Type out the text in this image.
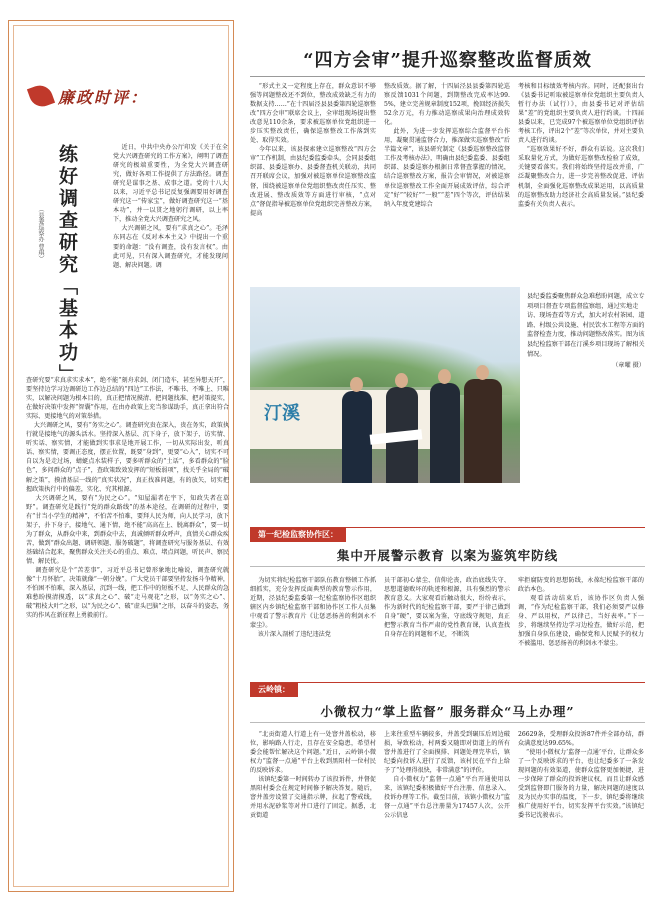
廉政时评：
练好调查研究「基本功」
（县委巡察办 曹琪）
近日，中共中央办公厅印发《关于在全党大兴调查研究的工作方案》，阐明了调查研究的极端重要性，为全党大兴调查研究，做好各项工作提供了方法路径。调查研究是谋事之基、成事之道。党的十八大以来，习近平总书记反复强调要用好调查研究这一“传家宝”，做好调查研究这一“基本功”，并一以贯之地躬行调研，以上率下，推动全党大兴调查研究之风。
大兴调研之风，要有“求真之心”。毛泽东同志在《反对本本主义》中提出一个重要的命题：“没有调查，没有发言权”。由此可见，只有深入调查研究，才能发现问题、解决问题。调
查研究要“求真求实求本”，绝不能“刻舟求剑、闭门造车，甚至异想天开”，要坚持边学习边调研边工作边总结的“四边”工作法，不唯书、不唯上、只唯实，以解决问题为根本目的，真正把情况摸清、把问题找准、把对策提实，在做好决策中发挥“智囊”作用，在由办政策上充当参谋助手，真正拿出符合实际、更接地气的对策举措。
大兴调研之风，要有“务实之心”。调查研究贵在深入，贵在务实，政策执行就是接地气的源头活水。坚持深入基层、沉下身子，放下架子，访实情、听实话、察实情，才能做到实事求是地开展工作，一切从实际出发，听真话、察实情，要调正态度，摆正位置，既要“身到”，更要“心入”，切实不可自以为是走过场，蜻蜓点水装样子，要多听群众的“土话”，多看群众的“脸色”，多问群众的“点子”，查政策致效发挥的“短板弱项”，找关乎全局的“破解之策”，摸清基层一线的“真实状况”，真正找准问题，有的放矢，切实把握政策执行中的偏差，实化、究其根源。
大兴调研之风，要有“为民之心”。“知屋漏者在宇下，知政失者在草野”。调查研究是践行“党的群众路线”的基本途径，在调研的过程中，要有“甘当小学生的精神”，不怕苦不怕难，要拜人民为师，向人民学习，放下架子，扑下身子，接地气、通下情，绝不能“高高在上、脱离群众”，要一切为了群众，从群众中来，到群众中去，真诚倾听群众呼声，真情关心群众疾苦，做到“群众出题、调研领题、服务破题”，将调查研究与服务基层、有效基础结合起来，聚焦群众关注关心的重点、难点、堵点问题，听民声、察民情、解民忧。
调查研究是个“苦差事”，习近平总书记曾形象地比喻说，调查研究就像“十月怀胎”，决策就像“一朝分娩”。广大党员干部要坚持发扬斗争精神，不怕困不怕难，深入基层，沉到一线，把工作中的短板不足、人民群众的急难愁盼摸清摸透，以“求真之心”、破“走马观花”之形，以“务实之心”、破“粗枝大叶”之形，以“为民之心”、破“虚头巴脑”之形，以奋斗的姿态，务实的作风在新征程上勇毅前行。
“四方会审”提升巡察整改监督质效
“形式主义一定程度上存在，群众意识不够强等问题整改还不到位，整改成效缺乏有力的数据支持……”在十四届泾县县委第四轮巡察整改“四方会审”联席会议上，全审组现场提出整改意见110余条，要求被巡察单位党组织进一步压实整改责任，确保巡察整改工作落到实处、取得实效。
今年以来，该县探索建立巡察整改“四方会审”工作机制，由县纪委监委牵头，会同县委组织部、县委巡察办、县委督查机关联动，共同召开联席会议，加强对被巡察单位巡察整改监督，围绕被巡察单位党组织整改责任压实、整改进展、整改质效等方面进行审核，“点对点”督促指导被巡察单位党组织完善整改方案，提高
整改质效。据了解，十四届泾县县委第四轮巡察反馈1031个问题，到期整改完成率达99.5%，建立完善规章制度152项，挽回经济损失52余万元，有力推动巡察成果向治理成效转化。
此外，为进一步发挥巡察综合监督平台作用，凝聚贯通监督合力，推深做实巡察整改“后半篇文章”，该县研究制定《县委巡察整改监督工作及考核办法》，明确由县纪委监委、县委组织部、县委巡察办根据日常督查掌握的情况，结合巡察整改方案，报告会审情况，对被巡察单位巡察整改工作全面开展成效评估，综合评定“好”“较好”“一般”“差”四个等次，评估结果纳入年度党建综合
考核和目标绩效考核内容。同时，还配套出台《县委书记听取被巡察单位党组织主要负责人暂行办法（试行）》，由县委书记对评估结果“差”的党组织主要负责人进行约谈。十四届县委以来，已完成97个被巡察单位党组织评估考核工作，评出2个“差”等次单位，并对主要负责人进行约谈。
“巡察效果好不好，群众有话说。这次我们采取量化方式，为做好巡察整改检验了成效，关键要看落实。我们将始终坚持巡改并重，广泛凝聚整改合力，进一步完善整改促进、评估机制，全面强化巡察整改成果运用，以高质量的巡察整改助力经济社会高质量发展。”县纪委监委有关负责人表示。
汀溪
县纪委监委聚焦群众急难愁盼问题，成立专项项目督查专项监督监察组，通过实地走访、现场查看等方式，加大对农村茶园、道路、村级公共设施、村民饮水工程等方面的监督检查力度，推动问题整改落实。图为该县纪检监察干部在汀溪乡项目现场了解相关情况。
（章曜 摄）
第一纪检监察协作区：
集中开展警示教育 以案为鉴筑牢防线
为切实将纪检监察干部队伍教育整顿工作抓细抓实，充分发挥反面典型的教育警示作用，近期，泾县纪委监委第一纪检监察协作区组织辖区内乡镇纪检监察干部和协作区工作人员集中观看了警示教育片《让惩恶扬善的利剑永不蒙尘》。
该片深入剖析了违纪违法党
员干部初心蒙尘、信仰沦丧，政治底线失守、思想道德败坏的轨迹和根源，具有强烈的警示教育意义。大家观看后触动很大，纷纷表示，作为新时代的纪检监察干部，要严于律己做到自身“硬”，要以案为鉴，守底线守规矩，真正把警示教育当作严肃的党性教育课，认真查找自身存在的问题和不足，不断筑
牢拒腐防变的思想防线，永葆纪检监察干部的政治本色。
观看活动结束后，该协作区负责人强调，“作为纪检监察干部，我们必须要严以修身、严以用权，严以律己，当好表率。”下一步，将继续坚持边学习边检查，做好示范，把加强自身队伍建设，确保党和人民赋予的权力不被滥用、惩恶扬善的利剑永不蒙尘。
云岭镇：
小微权力“掌上监督” 服务群众“马上办理”
“北贡街道人行道上有一处窨井盖松动，移位，影响路人行走，且存在安全隐患，希望村委会能帮忙解决这个问题。”近日，云岭镇小微权力“监督一点通”平台上收到黑阳村一位村民的反映诉求。
该镇纪委第一时间转办了该投诉件，并督促黑阳村委会在规定时间修予解决答复。随后，窨井盖旁设置了交通指示牌，拉起了警戒线，并用水泥砂浆等对井口进行了固定。据悉，北贡街道
上来往重型车辆较多，井盖受到碾压后周边破损，导致松动，村两委又随即对街道上的所有窨井盖进行了全面摸排、问题处理完毕后，镇纪委向投诉人进行了反馈，该村民在平台上给予了“处理得很快，非常满意”的评价。
自小微权力“监督一点通”平台开通使用以来，该镇纪委积极做好平台注册、信息录入、投诉办理等工作。截至目前，该镇小微权力“监督一点通”平台总注册量为17457人次，公开公示信息
26629条，受理群众投诉87件并全部办结，群众满意度达99.65%。
“使用小微权力‘监督一点通’平台，让群众多了一个反映诉求的平台，也让纪委多了一条发现问题的有效渠道，使群众监督更加便捷，进一步保障了群众的投诉建议权，而且让群众感受到监督即门服务的力量，解决问题的速度以及为民办实事的温度，下一步，镇纪委将继续推广使用好平台，切实发挥平台实效。”该镇纪委书记沈骏表示。
